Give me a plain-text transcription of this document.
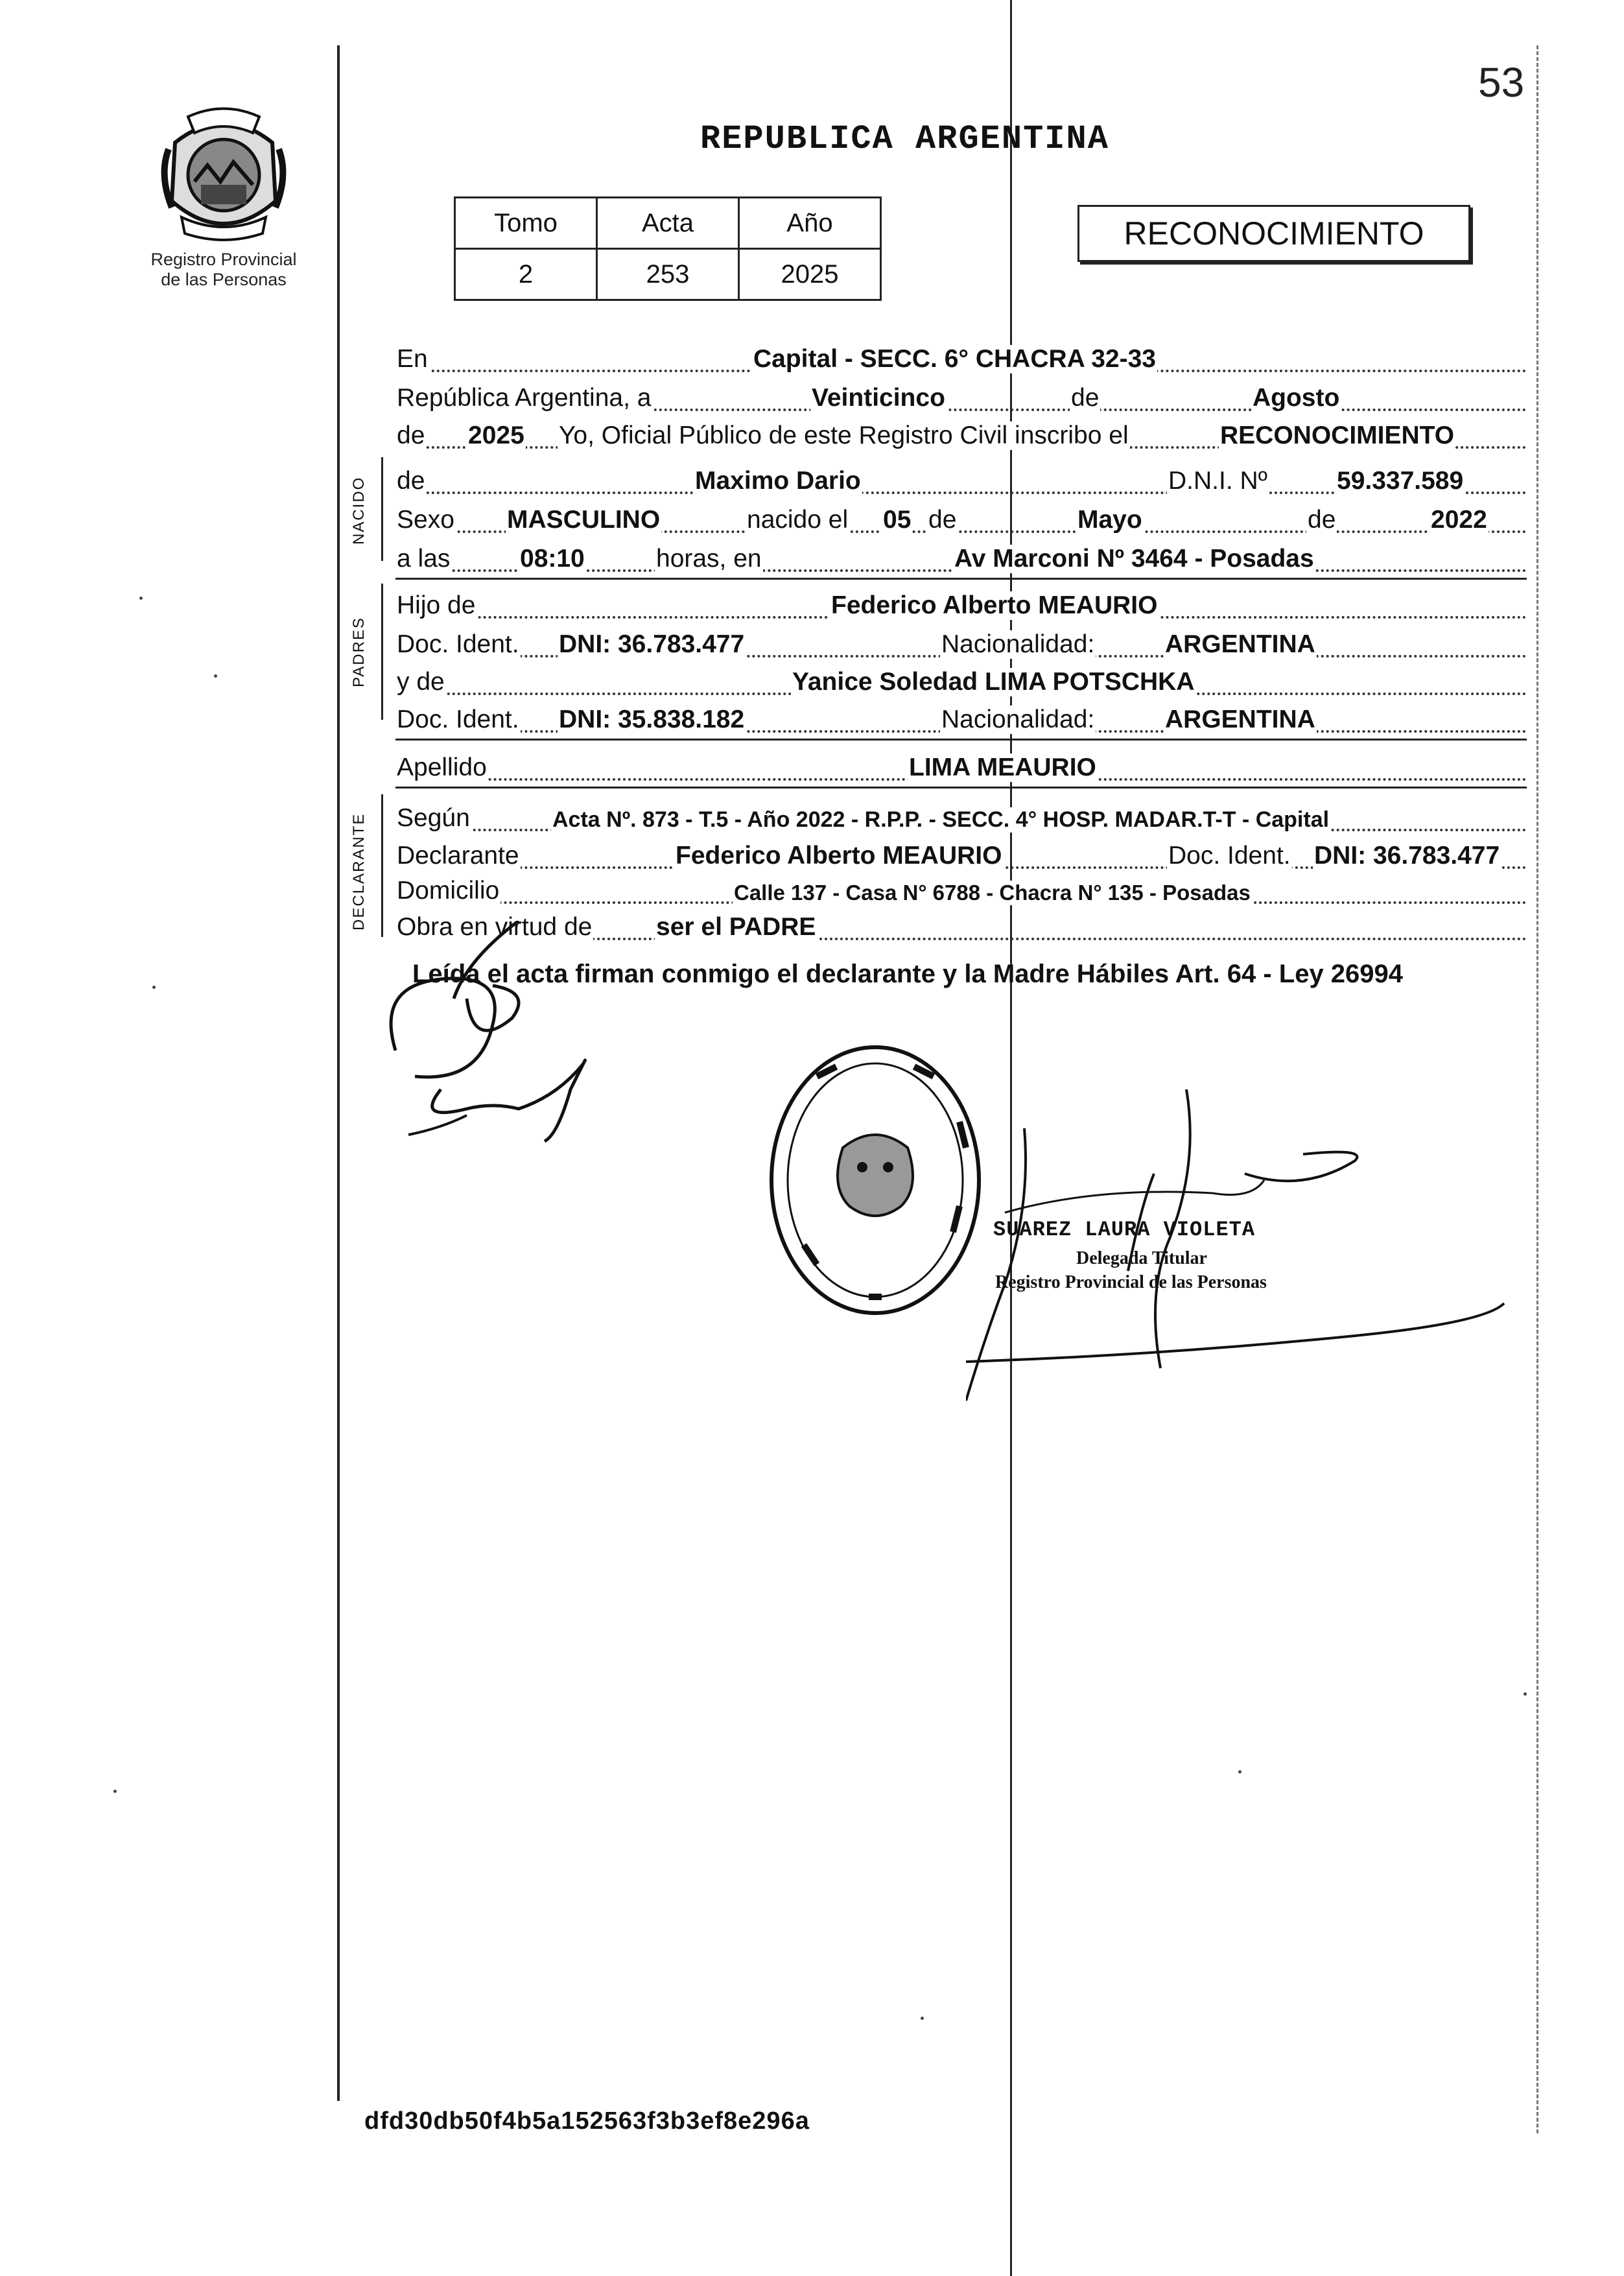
53
Registro Provincial
de las Personas
REPUBLICA ARGENTINA
Tomo	Acta	Año
2	253	2025
RECONOCIMIENTO
En	Capital - SECC. 6° CHACRA 32-33
República Argentina, a	Veinticinco	de	Agosto
de 2025 Yo, Oficial Público de este Registro Civil inscribo el	RECONOCIMIENTO
NACIDO de	Maximo Dario	D.N.I. Nº	59.337.589
Sexo MASCULINO	nacido el 05 de	Mayo	de	2022
a las	08:10	horas, en	Av Marconi Nº 3464 - Posadas
PADRES
Hijo de	Federico Alberto MEAURIO
Doc. Ident. DNI: 36.783.477	Nacionalidad:	ARGENTINA
y de	Yanice Soledad LIMA POTSCHKA
Doc. Ident. DNI: 35.838.182	Nacionalidad:	ARGENTINA
Apellido	LIMA MEAURIO
DECLARANTE Según	Acta Nº. 873 - T.5 - Año 2022 - R.P.P. - SECC. 4° HOSP. MADAR.T-T - Capital
Declarante	Federico Alberto MEAURIO	Doc. Ident. DNI: 36.783.477
Domicilio	Calle 137 - Casa N° 6788 - Chacra N° 135 - Posadas
Obra en virtud de	ser el PADRE
Leída el acta firman conmigo el declarante y la Madre Hábiles Art. 64 - Ley 26994
SUAREZ LAURA VIOLETA
Delegada Titular
Registro Provincial de las Personas
dfd30db50f4b5a152563f3b3ef8e296a
